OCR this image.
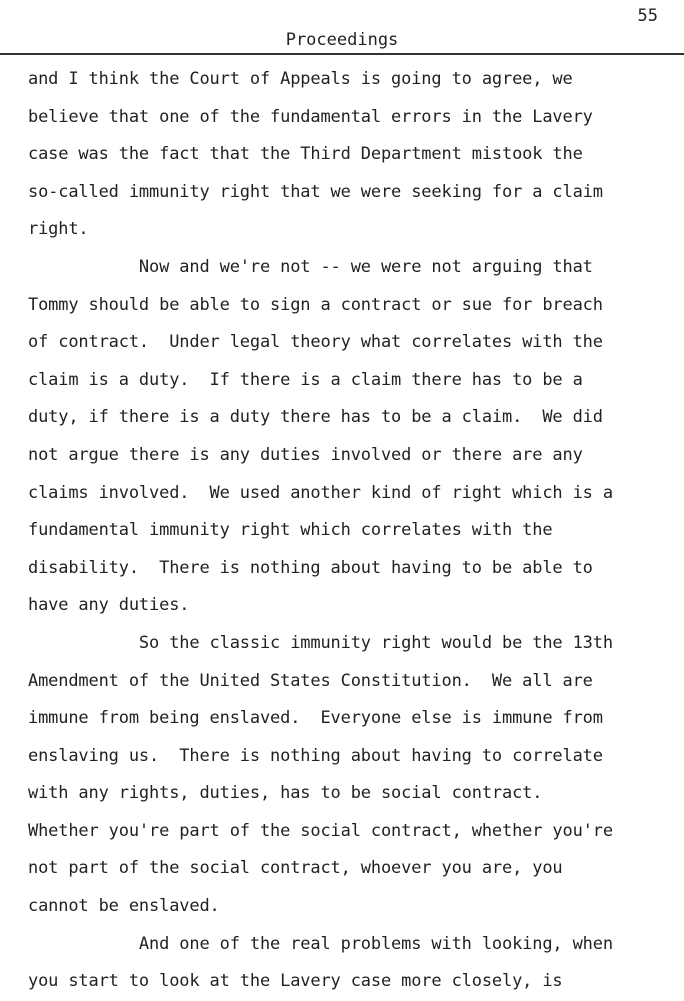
55
Proceedings
and I think the Court of Appeals is going to agree, we
believe that one of the fundamental errors in the Lavery
case was the fact that the Third Department mistook the
so-called immunity right that we were seeking for a claim
right.
Now and we're not -- we were not arguing that
Tommy should be able to sign a contract or sue for breach
of contract.  Under legal theory what correlates with the
claim is a duty.  If there is a claim there has to be a
duty, if there is a duty there has to be a claim.  We did
not argue there is any duties involved or there are any
claims involved.  We used another kind of right which is a
fundamental immunity right which correlates with the
disability.  There is nothing about having to be able to
have any duties.
So the classic immunity right would be the 13th
Amendment of the United States Constitution.  We all are
immune from being enslaved.  Everyone else is immune from
enslaving us.  There is nothing about having to correlate
with any rights, duties, has to be social contract.
Whether you're part of the social contract, whether you're
not part of the social contract, whoever you are, you
cannot be enslaved.
And one of the real problems with looking, when
you start to look at the Lavery case more closely, is
